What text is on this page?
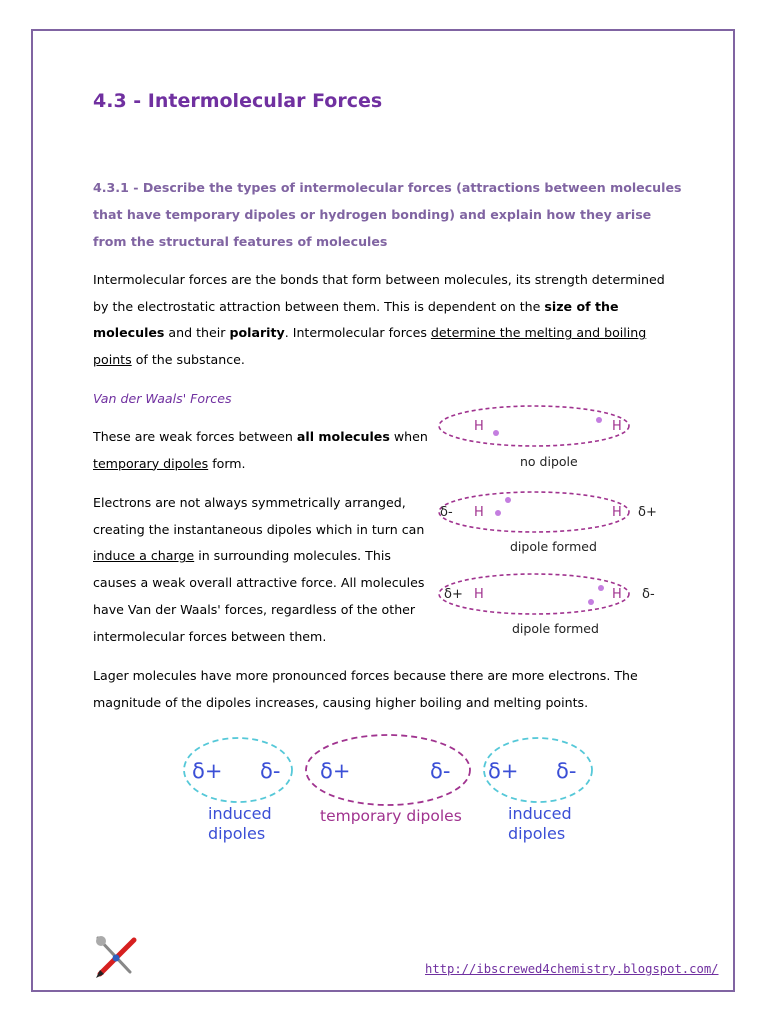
4.3 - Intermolecular Forces

4.3.1 - Describe the types of intermolecular forces (attractions between molecules that have temporary dipoles or hydrogen bonding) and explain how they arise from the structural features of molecules

Intermolecular forces are the bonds that form between molecules, its strength determined by the electrostatic attraction between them. This is dependent on the size of the molecules and their polarity. Intermolecular forces determine the melting and boiling points of the substance.

Van der Waals' Forces

These are weak forces between all molecules when temporary dipoles form.

Electrons are not always symmetrically arranged, creating the instantaneous dipoles which in turn can induce a charge in surrounding molecules. This causes a weak overall attractive force. All molecules have Van der Waals' forces, regardless of the other intermolecular forces between them.

Lager molecules have more pronounced forces because there are more electrons. The magnitude of the dipoles increases, causing higher boiling and melting points.

H	H
H	H
H	H
δ-	δ+
δ+	δ-
no dipole
dipole formed
dipole formed
δ+ δ- δ+	δ- δ+ δ-
induced
dipoles
induced
dipoles
temporary dipoles
http://ibscrewed4chemistry.blogspot.com/
